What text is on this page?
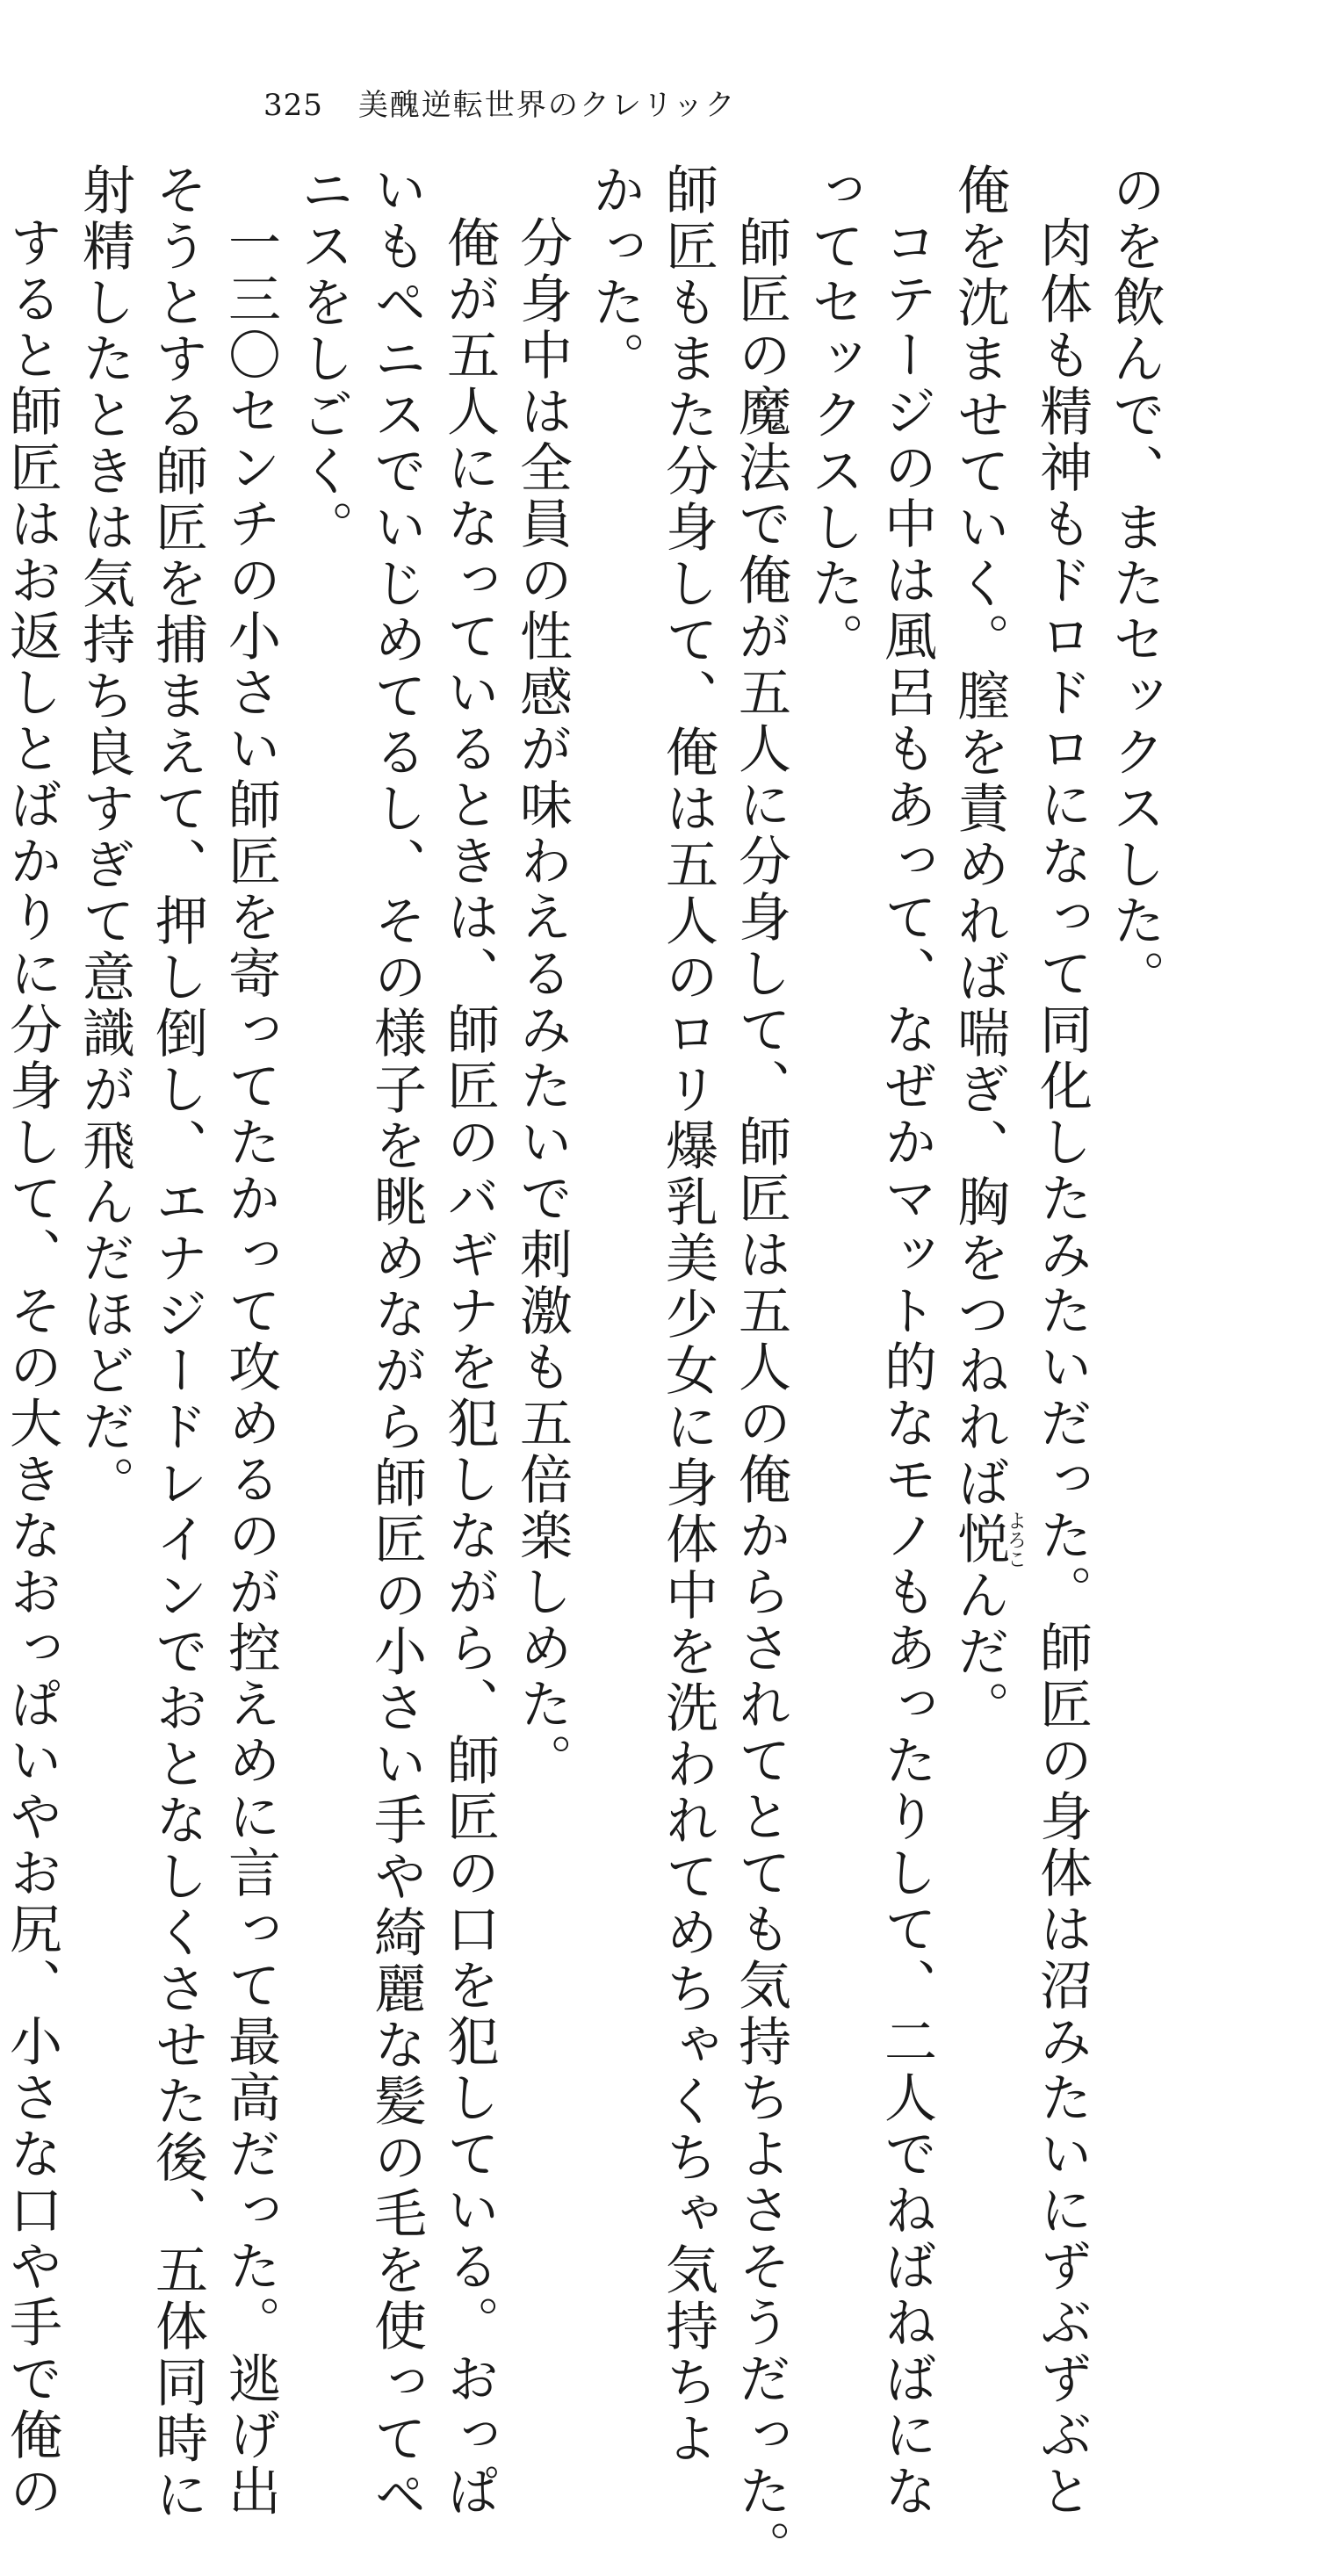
325 美醜逆転世界のクレリック

のを飲んで、またセックスした。

肉体も精神もドロドロになって同化したみたいだった。師匠の身体は沼みたいにずぶずぶと

俺を沈ませていく。膣を責めれば喘ぎ、胸をつねれば悦よろこんだ。

コテージの中は風呂もあって、なぜかマット的なモノもあったりして、二人でねばねばにな

ってセックスした。

師匠の魔法で俺が五人に分身して、師匠は五人の俺からされてとても気持ちよさそうだった。

師匠もまた分身して、俺は五人のロリ爆乳美少女に身体中を洗われてめちゃくちゃ気持ちよ

かった。

分身中は全員の性感が味わえるみたいで刺激も五倍楽しめた。

俺が五人になっているときは、師匠のバギナを犯しながら、師匠の口を犯している。おっぱ

いもペニスでいじめてるし、その様子を眺めながら師匠の小さい手や綺麗な髪の毛を使ってペ

ニスをしごく。

一三〇センチの小さい師匠を寄ってたかって攻めるのが控えめに言って最高だった。逃げ出

そうとする師匠を捕まえて、押し倒し、エナジードレインでおとなしくさせた後、五体同時に

射精したときは気持ち良すぎて意識が飛んだほどだ。

すると師匠はお返しとばかりに分身して、その大きなおっぱいやお尻、小さな口や手で俺の
